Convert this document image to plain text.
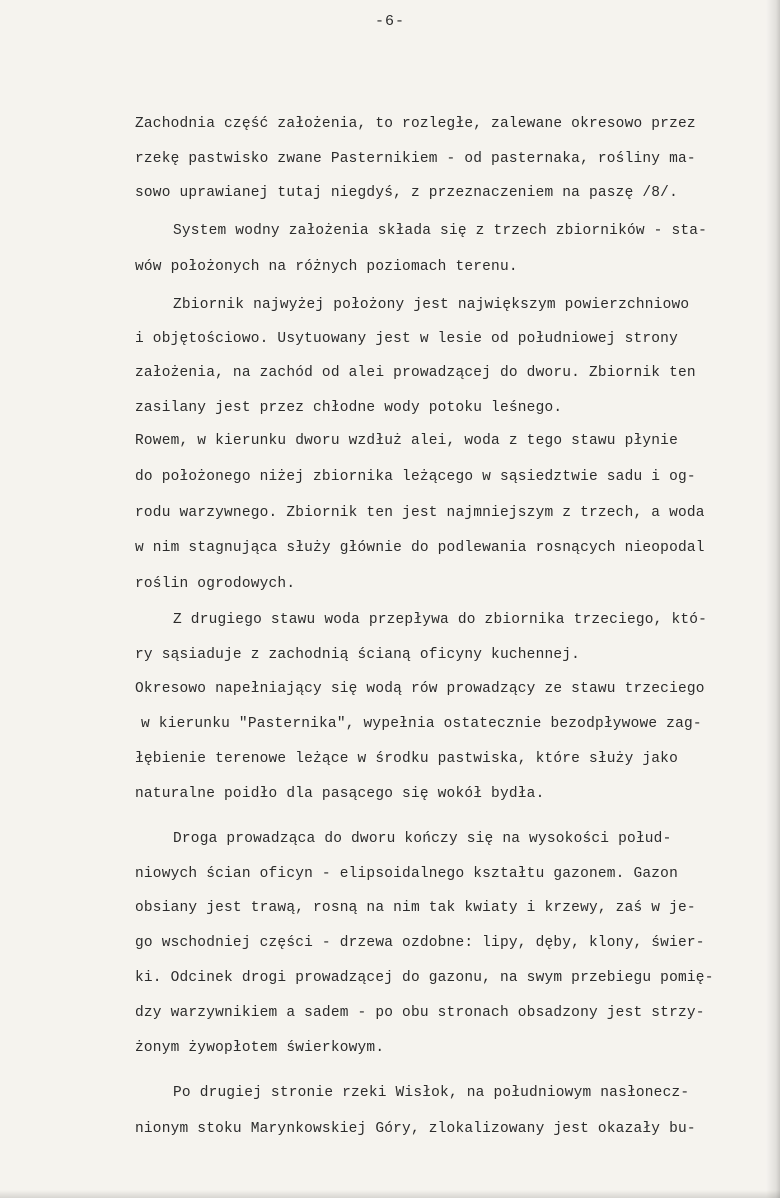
-6-
Zachodnia część założenia, to rozległe, zalewane okresowo przez
rzekę pastwisko zwane Pasternikiem - od pasternaka, rośliny ma-
sowo uprawianej tutaj niegdyś, z przeznaczeniem na paszę /8/.
System wodny założenia składa się z trzech zbiorników - sta-
wów położonych na różnych poziomach terenu.
Zbiornik najwyżej położony jest największym powierzchniowo
i objętościowo. Usytuowany jest w lesie od południowej strony
założenia, na zachód od alei prowadzącej do dworu. Zbiornik ten
zasilany jest przez chłodne wody potoku leśnego.
Rowem, w kierunku dworu wzdłuż alei, woda z tego stawu płynie
do położonego niżej zbiornika leżącego w sąsiedztwie sadu i og-
rodu warzywnego. Zbiornik ten jest najmniejszym z trzech, a woda
w nim stagnująca służy głównie do podlewania rosnących nieopodal
roślin ogrodowych.
Z drugiego stawu woda przepływa do zbiornika trzeciego, któ-
ry sąsiaduje z zachodnią ścianą oficyny kuchennej.
Okresowo napełniający się wodą rów prowadzący ze stawu trzeciego
w kierunku "Pasternika", wypełnia ostatecznie bezodpływowe zag-
łębienie terenowe leżące w środku pastwiska, które służy jako
naturalne poidło dla pasącego się wokół bydła.
Droga prowadząca do dworu kończy się na wysokości połud-
niowych ścian oficyn - elipsoidalnego kształtu gazonem. Gazon
obsiany jest trawą, rosną na nim tak kwiaty i krzewy, zaś w je-
go wschodniej części - drzewa ozdobne: lipy, dęby, klony, świer-
ki. Odcinek drogi prowadzącej do gazonu, na swym przebiegu pomię-
dzy warzywnikiem a sadem - po obu stronach obsadzony jest strzy-
żonym żywopłotem świerkowym.
Po drugiej stronie rzeki Wisłok, na południowym nasłonecz-
nionym stoku Marynkowskiej Góry, zlokalizowany jest okazały bu-
